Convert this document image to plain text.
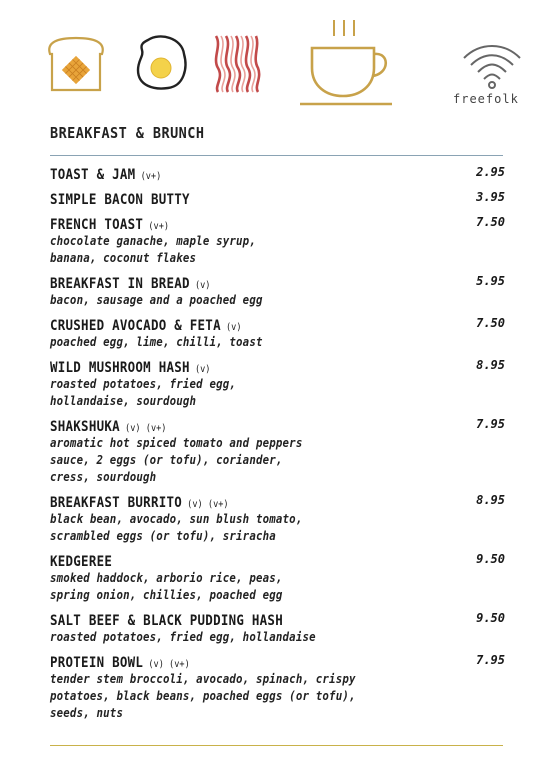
freefolk
BREAKFAST & BRUNCH
TOAST & JAM (v+)	2.95
SIMPLE BACON BUTTY	3.95
FRENCH TOAST (v+)	7.50
chocolate ganache, maple syrup,
banana, coconut flakes
BREAKFAST IN BREAD (v)	5.95
bacon, sausage and a poached egg
CRUSHED AVOCADO & FETA (v)	7.50
poached egg, lime, chilli, toast
WILD MUSHROOM HASH (v)	8.95
roasted potatoes, fried egg,
hollandaise, sourdough
SHAKSHUKA (v) (v+)	7.95
aromatic hot spiced tomato and peppers
sauce, 2 eggs (or tofu), coriander,
cress, sourdough
BREAKFAST BURRITO (v) (v+)	8.95
black bean, avocado, sun blush tomato,
scrambled eggs (or tofu), sriracha
KEDGEREE	9.50
smoked haddock, arborio rice, peas,
spring onion, chillies, poached egg
SALT BEEF & BLACK PUDDING HASH	9.50
roasted potatoes, fried egg, hollandaise
PROTEIN BOWL (v) (v+)	7.95
tender stem broccoli, avocado, spinach, crispy
potatoes, black beans, poached eggs (or tofu),
seeds, nuts
